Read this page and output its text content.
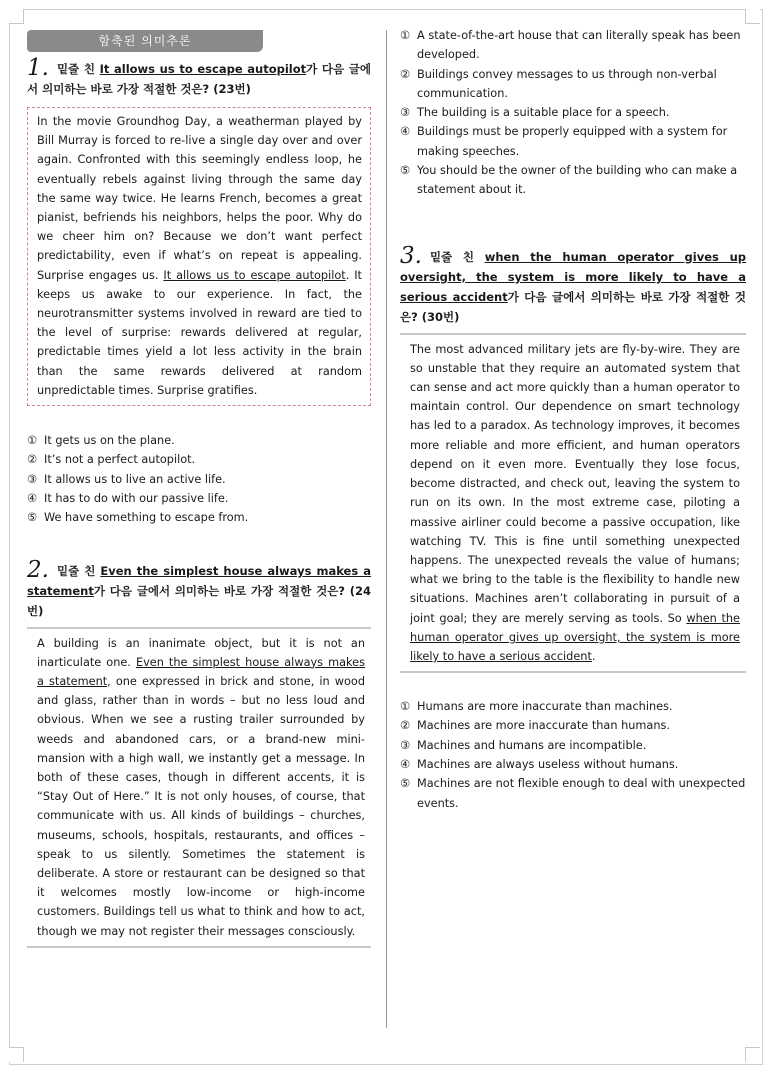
함축된 의미추론
1. 밑줄 친 It allows us to escape autopilot가 다음 글에서 의미하는 바로 가장 적절한 것은? (23번)
In the movie Groundhog Day, a weatherman played by Bill Murray is forced to re-live a single day over and over again. Confronted with this seemingly endless loop, he eventually rebels against living through the same day the same way twice. He learns French, becomes a great pianist, befriends his neighbors, helps the poor. Why do we cheer him on? Because we don’t want perfect predictability, even if what’s on repeat is appealing. Surprise engages us. It allows us to escape autopilot. It keeps us awake to our experience. In fact, the neurotransmitter systems involved in reward are tied to the level of surprise: rewards delivered at regular, predictable times yield a lot less activity in the brain than the same rewards delivered at random unpredictable times. Surprise gratifies.
① It gets us on the plane.
② It’s not a perfect autopilot.
③ It allows us to live an active life.
④ It has to do with our passive life.
⑤ We have something to escape from.
2. 밑줄 친 Even the simplest house always makes a statement가 다음 글에서 의미하는 바로 가장 적절한 것은? (24번)
A building is an inanimate object, but it is not an inarticulate one. Even the simplest house always makes a statement, one expressed in brick and stone, in wood and glass, rather than in words – but no less loud and obvious. When we see a rusting trailer surrounded by weeds and abandoned cars, or a brand-new mini-mansion with a high wall, we instantly get a message. In both of these cases, though in different accents, it is “Stay Out of Here.” It is not only houses, of course, that communicate with us. All kinds of buildings – churches, museums, schools, hospitals, restaurants, and offices – speak to us silently. Sometimes the statement is deliberate. A store or restaurant can be designed so that it welcomes mostly low-income or high-income customers. Buildings tell us what to think and how to act, though we may not register their messages consciously.
① A state-of-the-art house that can literally speak has been developed.
② Buildings convey messages to us through non-verbal communication.
③ The building is a suitable place for a speech.
④ Buildings must be properly equipped with a system for making speeches.
⑤ You should be the owner of the building who can make a statement about it.
3. 밑줄 친 when the human operator gives up oversight, the system is more likely to have a serious accident가 다음 글에서 의미하는 바로 가장 적절한 것은? (30번)
The most advanced military jets are fly-by-wire. They are so unstable that they require an automated system that can sense and act more quickly than a human operator to maintain control. Our dependence on smart technology has led to a paradox. As technology improves, it becomes more reliable and more efficient, and human operators depend on it even more. Eventually they lose focus, become distracted, and check out, leaving the system to run on its own. In the most extreme case, piloting a massive airliner could become a passive occupation, like watching TV. This is fine until something unexpected happens. The unexpected reveals the value of humans; what we bring to the table is the flexibility to handle new situations. Machines aren’t collaborating in pursuit of a joint goal; they are merely serving as tools. So when the human operator gives up oversight, the system is more likely to have a serious accident.
① Humans are more inaccurate than machines.
② Machines are more inaccurate than humans.
③ Machines and humans are incompatible.
④ Machines are always useless without humans.
⑤ Machines are not flexible enough to deal with unexpected events.
